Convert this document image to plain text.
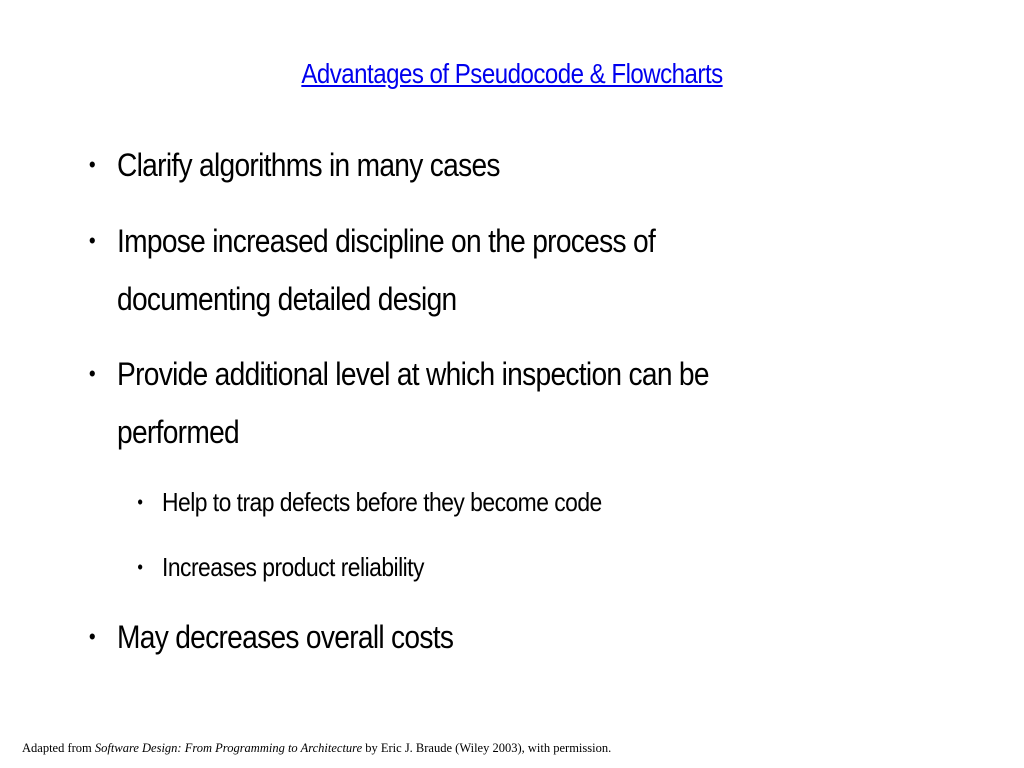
Advantages of Pseudocode & Flowcharts
• Clarify algorithms in many cases
• Impose increased discipline on the process of documenting detailed design
• Provide additional level at which inspection can be performed
• Help to trap defects before they become code
• Increases product reliability
• May decreases overall costs
Adapted from Software Design: From Programming to Architecture by Eric J. Braude (Wiley 2003), with permission.
